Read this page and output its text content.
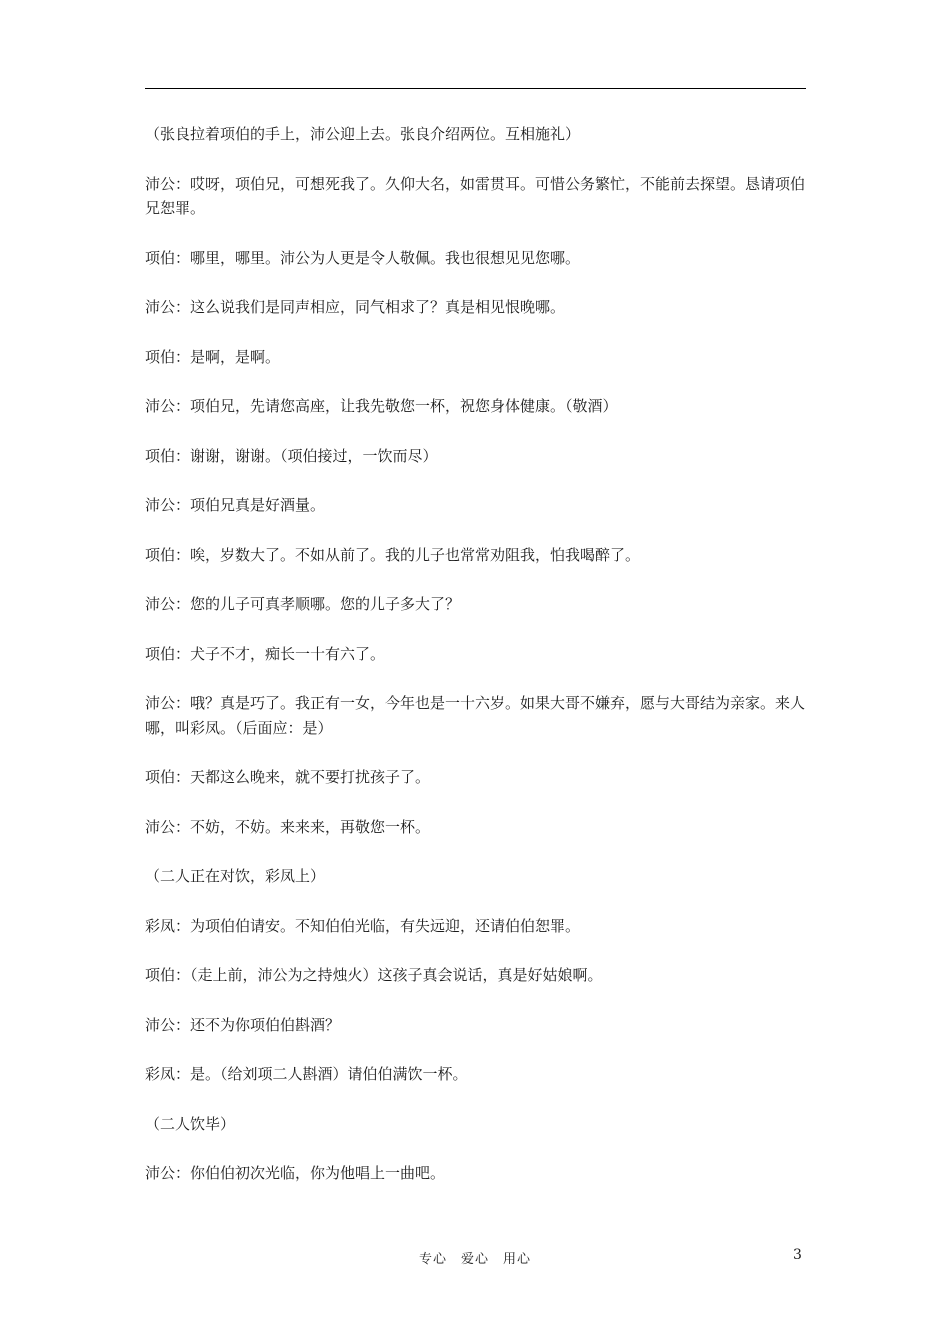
（张良拉着项伯的手上，沛公迎上去。张良介绍两位。互相施礼）

沛公：哎呀，项伯兄，可想死我了。久仰大名，如雷贯耳。可惜公务繁忙，不能前去探望。恳请项伯兄恕罪。

项伯：哪里，哪里。沛公为人更是令人敬佩。我也很想见见您哪。

沛公：这么说我们是同声相应，同气相求了？真是相见恨晚哪。

项伯：是啊，是啊。

沛公：项伯兄，先请您高座，让我先敬您一杯，祝您身体健康。（敬酒）

项伯：谢谢，谢谢。（项伯接过，一饮而尽）

沛公：项伯兄真是好酒量。

项伯：唉，岁数大了。不如从前了。我的儿子也常常劝阻我，怕我喝醉了。

沛公：您的儿子可真孝顺哪。您的儿子多大了？

项伯：犬子不才，痴长一十有六了。

沛公：哦？真是巧了。我正有一女，今年也是一十六岁。如果大哥不嫌弃，愿与大哥结为亲家。来人哪，叫彩凤。（后面应：是）

项伯：天都这么晚来，就不要打扰孩子了。

沛公：不妨，不妨。来来来，再敬您一杯。

（二人正在对饮，彩凤上）

彩凤：为项伯伯请安。不知伯伯光临，有失远迎，还请伯伯恕罪。

项伯：（走上前，沛公为之持烛火）这孩子真会说话，真是好姑娘啊。

沛公：还不为你项伯伯斟酒？

彩凤：是。（给刘项二人斟酒）请伯伯满饮一杯。

（二人饮毕）

沛公：你伯伯初次光临，你为他唱上一曲吧。

专心　爱心　用心	3
